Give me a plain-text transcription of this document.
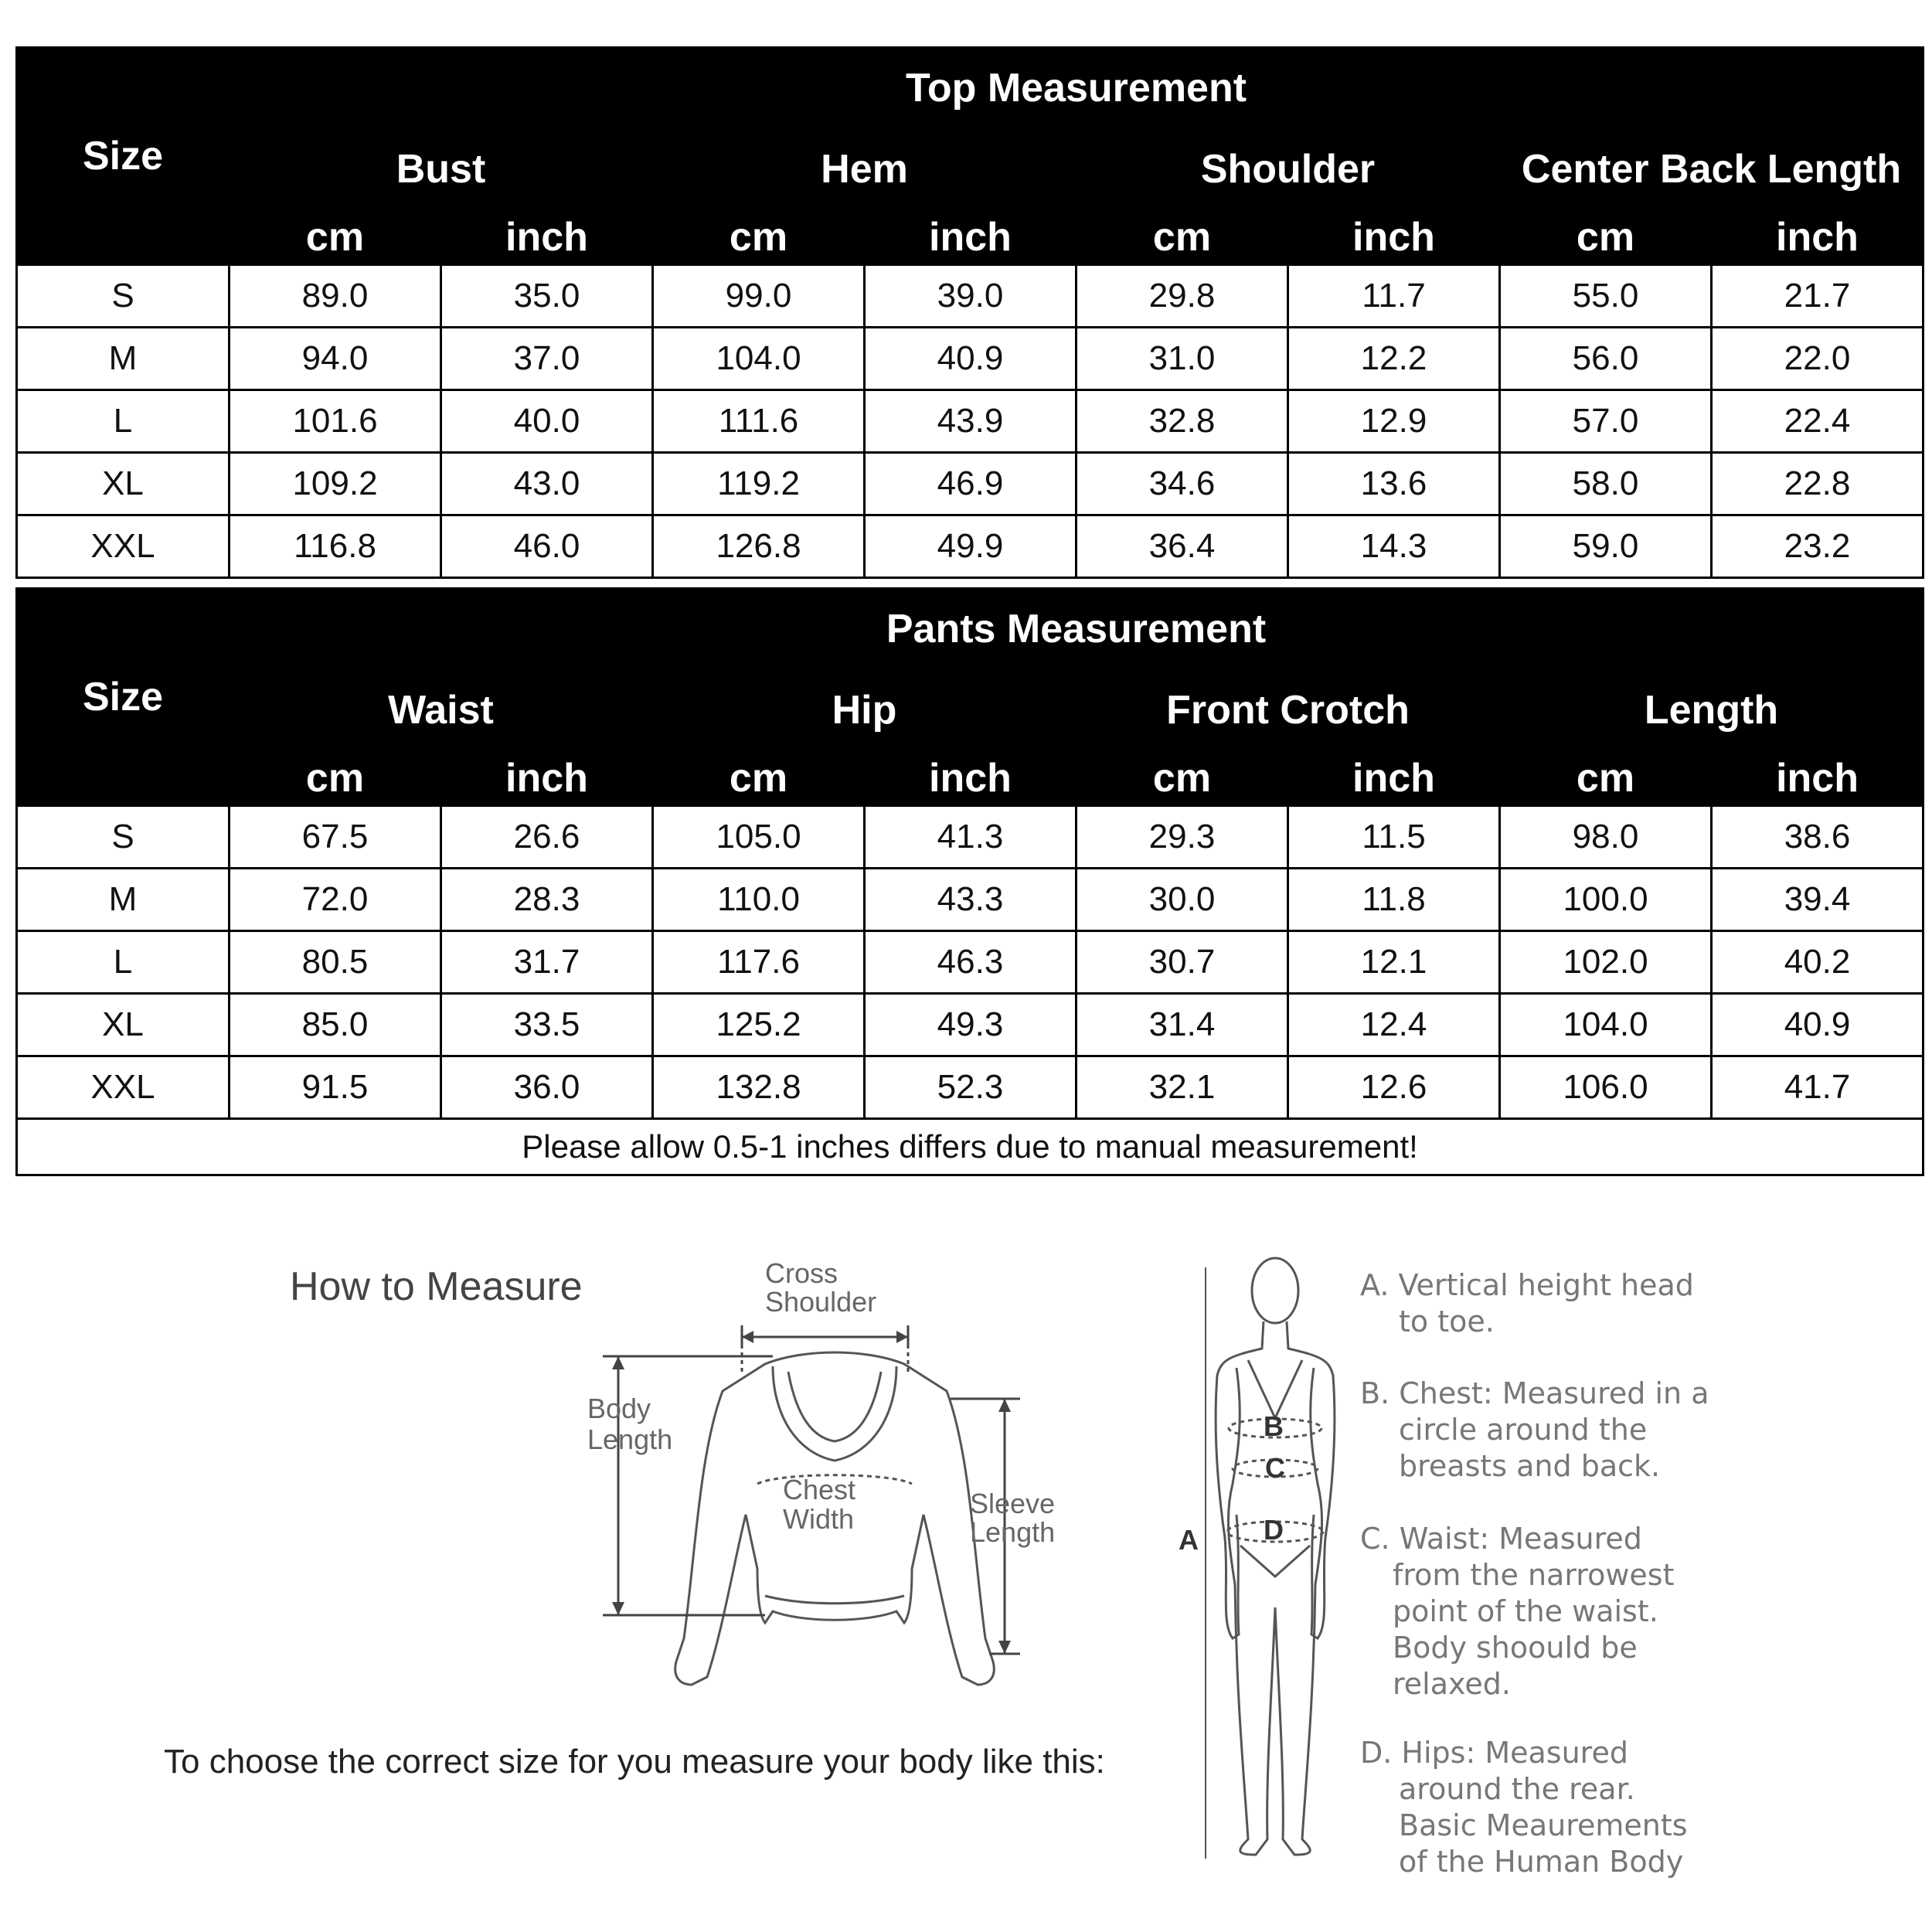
Size	Top Measurement							
	Bust		Hem		Shoulder		Center Back Length	
	cm	inch	cm	inch	cm	inch	cm	inch
S	89.0	35.0	99.0	39.0	29.8	11.7	55.0	21.7
M	94.0	37.0	104.0	40.9	31.0	12.2	56.0	22.0
L	101.6	40.0	111.6	43.9	32.8	12.9	57.0	22.4
XL	109.2	43.0	119.2	46.9	34.6	13.6	58.0	22.8
XXL	116.8	46.0	126.8	49.9	36.4	14.3	59.0	23.2
Size	Pants Measurement							
	Waist		Hip		Front Crotch		Length	
	cm	inch	cm	inch	cm	inch	cm	inch
S	67.5	26.6	105.0	41.3	29.3	11.5	98.0	38.6
M	72.0	28.3	110.0	43.3	30.0	11.8	100.0	39.4
L	80.5	31.7	117.6	46.3	30.7	12.1	102.0	40.2
XL	85.0	33.5	125.2	49.3	31.4	12.4	104.0	40.9
XXL	91.5	36.0	132.8	52.3	32.1	12.6	106.0	41.7
Please allow 0.5-1 inches differs due to manual measurement!								
How to Measure
To choose the correct size for you measure your body like this:
Cross
Shoulder
Body
Length
Chest
Width	Sleeve
Length
B
C
D
A
A. Vertical height head
to toe.
B. Chest: Measured in a
circle around the
breasts and back.
C. Waist: Measured
from the narrowest
point of the waist.
Body shoould be
relaxed.
D. Hips: Measured
around the rear.
Basic Meaurements
of the Human Body
